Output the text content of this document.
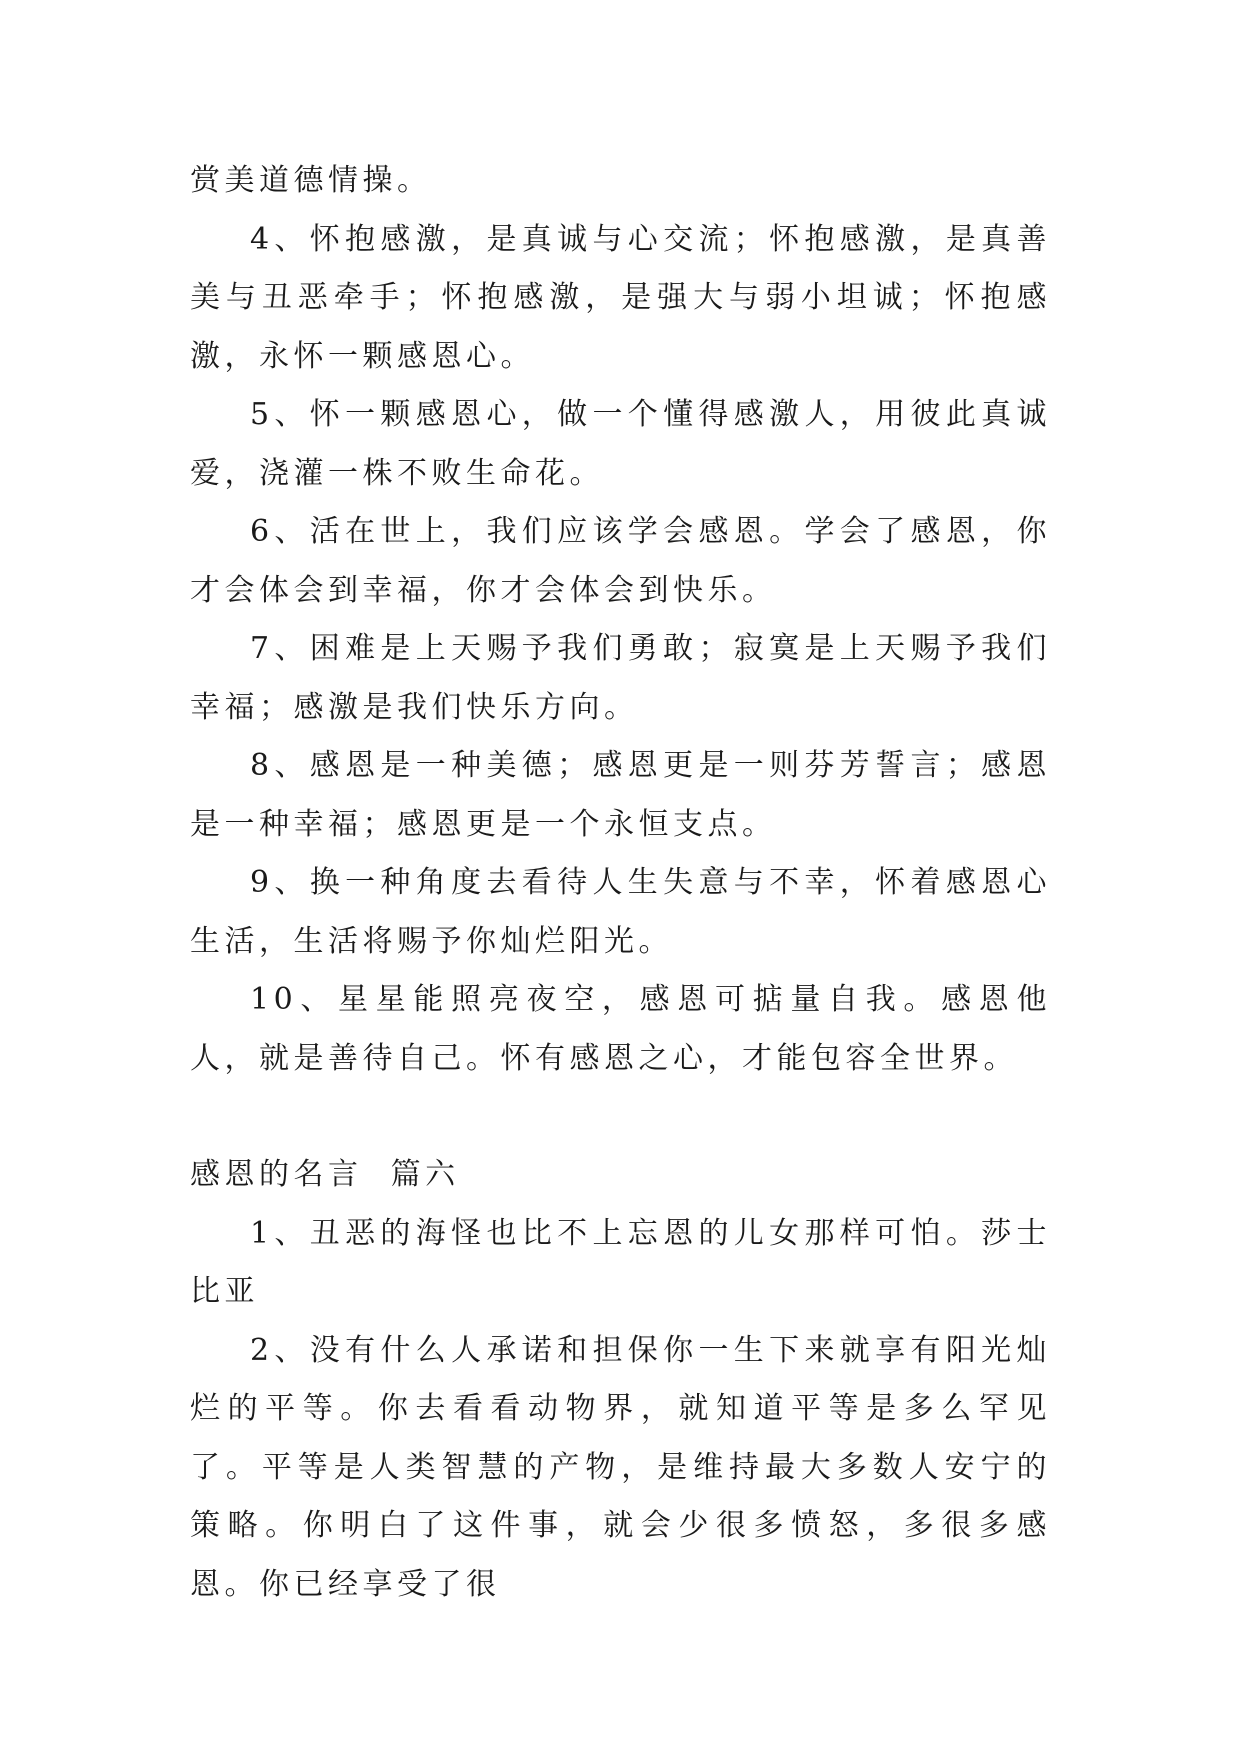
赏美道德情操。

4、怀抱感激，是真诚与心交流；怀抱感激，是真善美与丑恶牵手；怀抱感激，是强大与弱小坦诚；怀抱感激，永怀一颗感恩心。

5、怀一颗感恩心，做一个懂得感激人，用彼此真诚爱，浇灌一株不败生命花。

6、活在世上，我们应该学会感恩。学会了感恩，你才会体会到幸福，你才会体会到快乐。

7、困难是上天赐予我们勇敢；寂寞是上天赐予我们幸福；感激是我们快乐方向。

8、感恩是一种美德；感恩更是一则芬芳誓言；感恩是一种幸福；感恩更是一个永恒支点。

9、换一种角度去看待人生失意与不幸，怀着感恩心生活，生活将赐予你灿烂阳光。

10、星星能照亮夜空，感恩可掂量自我。感恩他人，就是善待自己。怀有感恩之心，才能包容全世界。

感恩的名言  篇六

1、丑恶的海怪也比不上忘恩的儿女那样可怕。莎士比亚

2、没有什么人承诺和担保你一生下来就享有阳光灿烂的平等。你去看看动物界，就知道平等是多么罕见了。平等是人类智慧的产物，是维持最大多数人安宁的策略。你明白了这件事，就会少很多愤怒，多很多感恩。你已经享受了很
